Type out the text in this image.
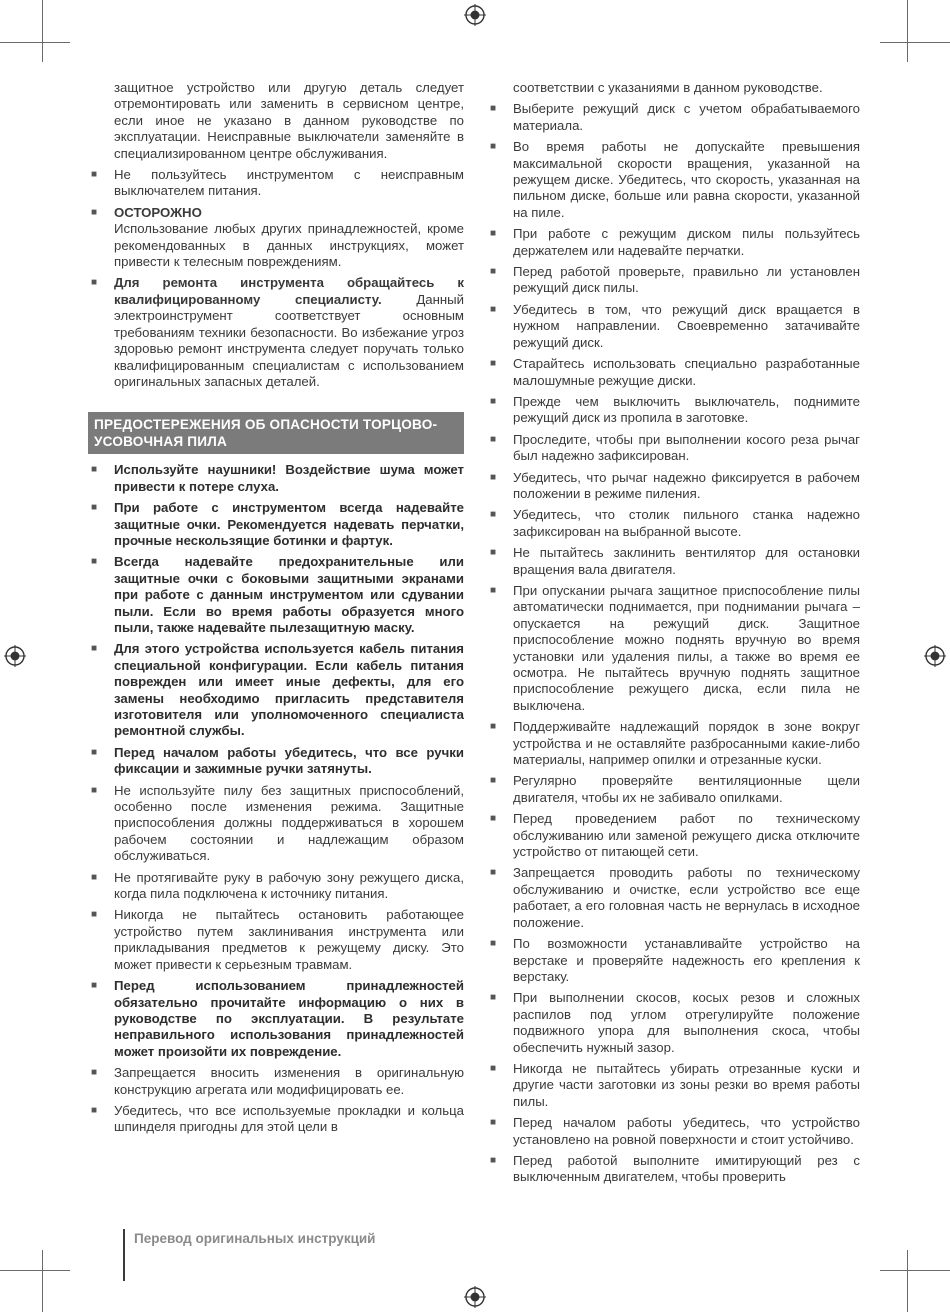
защитное устройство или другую деталь следует отремонтировать или заменить в сервисном центре, если иное не указано в данном руководстве по эксплуатации. Неисправные выключатели заменяйте в специализированном центре обслуживания.
■ Не пользуйтесь инструментом с неисправным выключателем питания.
■ ОСТОРОЖНО
Использование любых других принадлежностей, кроме рекомендованных в данных инструкциях, может привести к телесным повреждениям.
■ Для ремонта инструмента обращайтесь к квалифицированному специалисту.	Данный электроинструмент соответствует основным требованиям техники безопасности. Во избежание угроз здоровью ремонт инструмента следует поручать только квалифицированным специалистам с использованием оригинальных запасных деталей.
ПРЕДОСТЕРЕЖЕНИЯ ОБ ОПАСНОСТИ ТОРЦОВО-УСОВОЧНАЯ ПИЛА
■ Используйте наушники! Воздействие шума может привести к потере слуха.
■ При работе с инструментом всегда надевайте защитные очки. Рекомендуется надевать перчатки, прочные нескользящие ботинки и фартук.
■ Всегда надевайте предохранительные или защитные очки с боковыми защитными экранами при работе с данным инструментом или сдувании пыли. Если во время работы образуется много пыли, также надевайте пылезащитную маску.
■ Для этого устройства используется кабель питания специальной конфигурации. Если кабель питания поврежден или имеет иные дефекты, для его замены необходимо пригласить представителя изготовителя или уполномоченного специалиста ремонтной службы.
■ Перед началом работы убедитесь, что все ручки фиксации и зажимные ручки затянуты.
■ Не используйте пилу без защитных приспособлений, особенно после изменения режима. Защитные приспособления должны поддерживаться в хорошем рабочем состоянии и надлежащим образом обслуживаться.
■ Не протягивайте руку в рабочую зону режущего диска, когда пила подключена к источнику питания.
■ Никогда не пытайтесь остановить работающее устройство путем заклинивания инструмента или прикладывания предметов к режущему диску. Это может привести к серьезным травмам.
■ Перед использованием принадлежностей обязательно прочитайте информацию о них в руководстве по эксплуатации. В результате неправильного использования принадлежностей может произойти их повреждение.
■ Запрещается вносить изменения в оригинальную конструкцию агрегата или модифицировать ее.
■ Убедитесь, что все используемые прокладки и кольца шпинделя пригодны для этой цели в
соответствии с указаниями в данном руководстве.
■ Выберите режущий диск с учетом обрабатываемого материала.
■ Во время работы не допускайте превышения максимальной скорости вращения, указанной на режущем диске. Убедитесь, что скорость, указанная на пильном диске, больше или равна скорости, указанной на пиле.
■ При работе с режущим диском пилы пользуйтесь держателем или надевайте перчатки.
■ Перед работой проверьте, правильно ли установлен режущий диск пилы.
■ Убедитесь в том, что режущий диск вращается в нужном направлении. Своевременно затачивайте режущий диск.
■ Старайтесь использовать специально разработанные малошумные режущие диски.
■ Прежде чем выключить выключатель, поднимите режущий диск из пропила в заготовке.
■ Проследите, чтобы при выполнении косого реза рычаг был надежно зафиксирован.
■ Убедитесь, что рычаг надежно фиксируется в рабочем положении в режиме пиления.
■ Убедитесь, что столик пильного станка надежно зафиксирован на выбранной высоте.
■ Не пытайтесь заклинить вентилятор для остановки вращения вала двигателя.
■ При опускании рычага защитное приспособление пилы автоматически поднимается, при поднимании рычага – опускается на режущий диск. Защитное приспособление можно поднять вручную во время установки или удаления пилы, а также во время ее осмотра. Не пытайтесь вручную поднять защитное приспособление режущего диска, если пила не выключена.
■ Поддерживайте надлежащий порядок в зоне вокруг устройства и не оставляйте разбросанными какие-либо материалы, например опилки и отрезанные куски.
■ Регулярно проверяйте вентиляционные щели двигателя, чтобы их не забивало опилками.
■ Перед проведением работ по техническому обслуживанию или заменой режущего диска отключите устройство от питающей сети.
■ Запрещается проводить работы по техническому обслуживанию и очистке, если устройство все еще работает, а его головная часть не вернулась в исходное положение.
■ По возможности устанавливайте устройство на верстаке и проверяйте надежность его крепления к верстаку.
■ При выполнении скосов, косых резов и сложных распилов под углом отрегулируйте положение подвижного упора для выполнения скоса, чтобы обеспечить нужный зазор.
■ Никогда не пытайтесь убирать отрезанные куски и другие части заготовки из зоны резки во время работы пилы.
■ Перед началом работы убедитесь, что устройство установлено на ровной поверхности и стоит устойчиво.
■ Перед работой выполните имитирующий рез с выключенным двигателем, чтобы проверить
Перевод оригинальных инструкций
